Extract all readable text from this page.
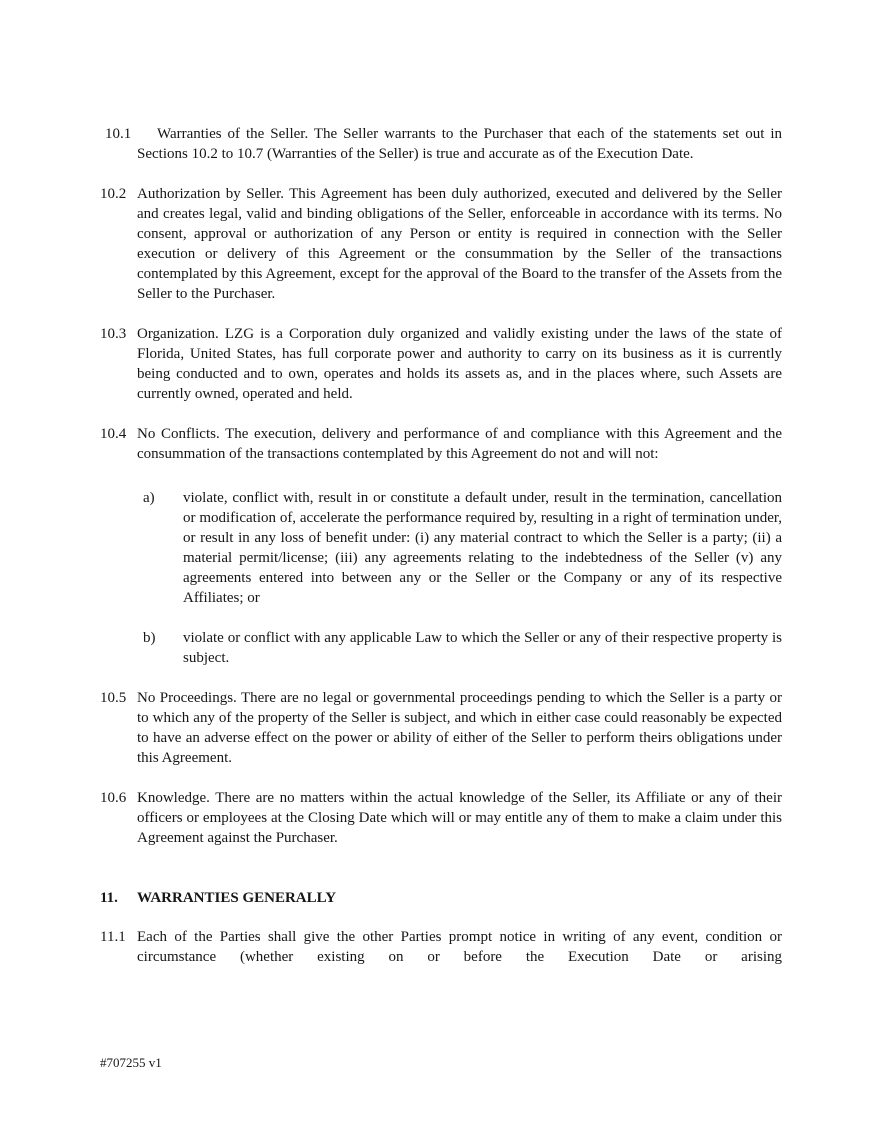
10.1	Warranties of the Seller. The Seller warrants to the Purchaser that each of the statements set out in Sections 10.2 to 10.7 (Warranties of the Seller) is true and accurate as of the Execution Date.

10.2 Authorization by Seller. This Agreement has been duly authorized, executed and delivered by the Seller and creates legal, valid and binding obligations of the Seller, enforceable in accordance with its terms. No consent, approval or authorization of any Person or entity is required in connection with the Seller execution or delivery of this Agreement or the consummation by the Seller of the transactions contemplated by this Agreement, except for the approval of the Board to the transfer of the Assets from the Seller to the Purchaser.

10.3 Organization. LZG is a Corporation duly organized and validly existing under the laws of the state of Florida, United States, has full corporate power and authority to carry on its business as it is currently being conducted and to own, operates and holds its assets as, and in the places where, such Assets are currently owned, operated and held.

10.4 No Conflicts. The execution, delivery and performance of and compliance with this Agreement and the consummation of the transactions contemplated by this Agreement do not and will not:

a)	violate, conflict with, result in or constitute a default under, result in the termination, cancellation or modification of, accelerate the performance required by, resulting in a right of termination under, or result in any loss of benefit under: (i) any material contract to which the Seller is a party; (ii) a material permit/license; (iii) any agreements relating to the indebtedness of the Seller (v) any agreements entered into between any or the Seller or the Company or any of its respective Affiliates; or

b)	violate or conflict with any applicable Law to which the Seller or any of their respective property is subject.

10.5 No Proceedings. There are no legal or governmental proceedings pending to which the Seller is a party or to which any of the property of the Seller is subject, and which in either case could reasonably be expected to have an adverse effect on the power or ability of either of the Seller to perform theirs obligations under this Agreement.

10.6 Knowledge. There are no matters within the actual knowledge of the Seller, its Affiliate or any of their officers or employees at the Closing Date which will or may entitle any of them to make a claim under this Agreement against the Purchaser.

11.	WARRANTIES GENERALLY
11.1 Each of the Parties shall give the other Parties prompt notice in writing of any event, condition or circumstance (whether existing on or before the Execution Date or arising

#707255 v1
